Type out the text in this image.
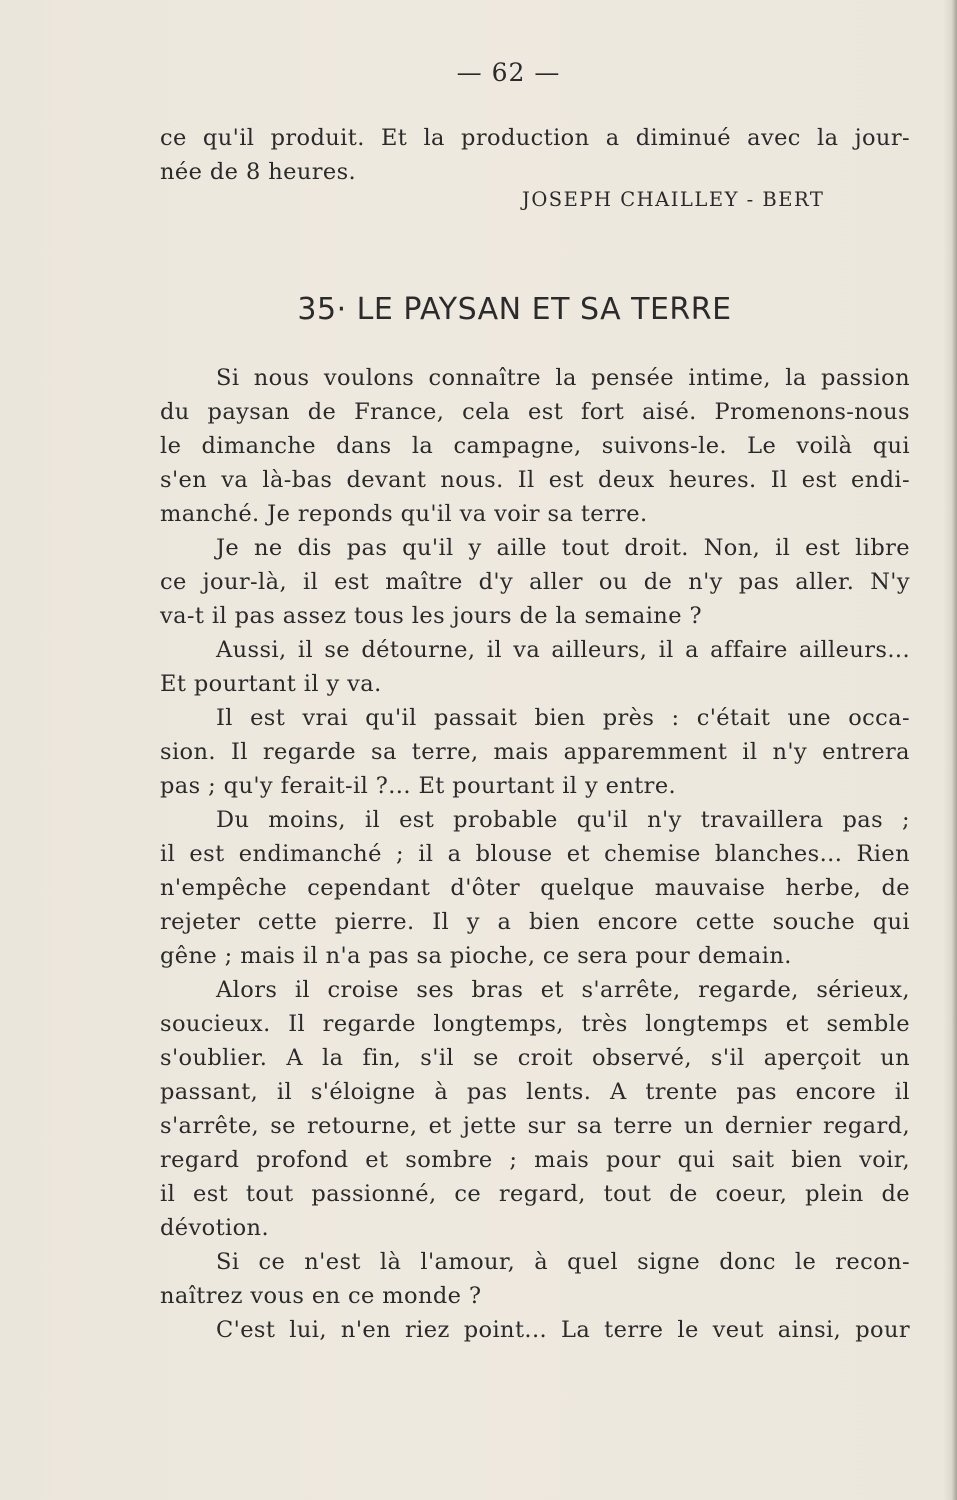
— 62 —
ce qu'il produit. Et la production a diminué avec la jour-
née de 8 heures.
JOSEPH CHAILLEY - BERT
35· LE PAYSAN ET SA TERRE
Si nous voulons connaître la pensée intime, la passion
du paysan de France, cela est fort aisé. Promenons-nous
le dimanche dans la campagne, suivons-le. Le voilà qui
s'en va là-bas devant nous. Il est deux heures. Il est endi-
manché. Je reponds qu'il va voir sa terre.
Je ne dis pas qu'il y aille tout droit. Non, il est libre
ce jour-là, il est maître d'y aller ou de n'y pas aller. N'y
va-t il pas assez tous les jours de la semaine ?
Aussi, il se détourne, il va ailleurs, il a affaire ailleurs...
Et pourtant il y va.
Il est vrai qu'il passait bien près : c'était une occa-
sion. Il regarde sa terre, mais apparemment il n'y entrera
pas ; qu'y ferait-il ?... Et pourtant il y entre.
Du moins, il est probable qu'il n'y travaillera pas ;
il est endimanché ; il a blouse et chemise blanches... Rien
n'empêche cependant d'ôter quelque mauvaise herbe, de
rejeter cette pierre. Il y a bien encore cette souche qui
gêne ; mais il n'a pas sa pioche, ce sera pour demain.
Alors il croise ses bras et s'arrête, regarde, sérieux,
soucieux. Il regarde longtemps, très longtemps et semble
s'oublier. A la fin, s'il se croit observé, s'il aperçoit un
passant, il s'éloigne à pas lents. A trente pas encore il
s'arrête, se retourne, et jette sur sa terre un dernier regard,
regard profond et sombre ; mais pour qui sait bien voir,
il est tout passionné, ce regard, tout de coeur, plein de
dévotion.
Si ce n'est là l'amour, à quel signe donc le recon-
naîtrez vous en ce monde ?
C'est lui, n'en riez point... La terre le veut ainsi, pour
